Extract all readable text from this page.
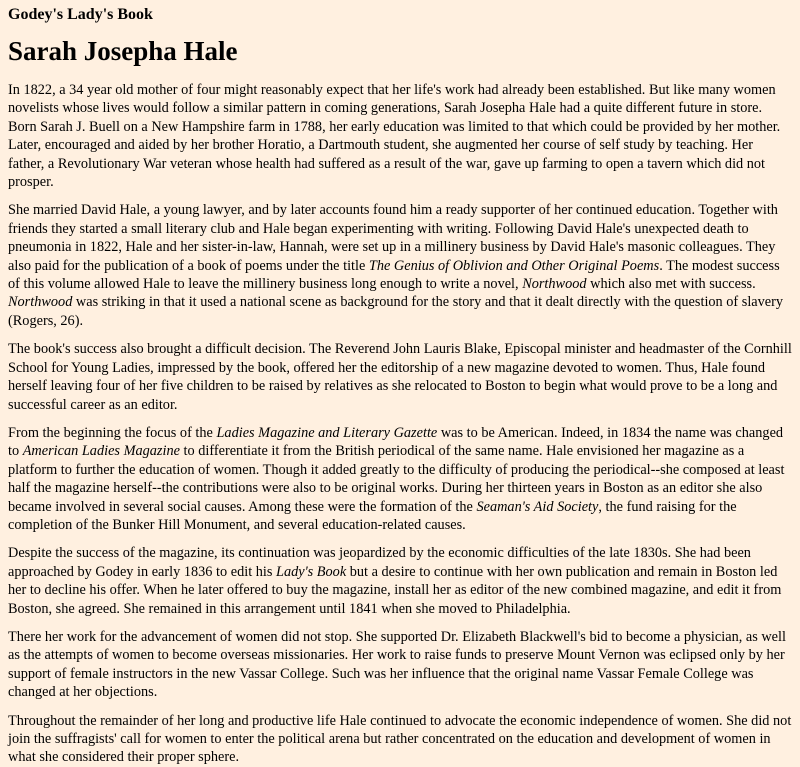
Godey's Lady's Book
Sarah Josepha Hale

In 1822, a 34 year old mother of four might reasonably expect that her life's work had already been established. But like many women novelists whose lives would follow a similar pattern in coming generations, Sarah Josepha Hale had a quite different future in store. Born Sarah J. Buell on a New Hampshire farm in 1788, her early education was limited to that which could be provided by her mother. Later, encouraged and aided by her brother Horatio, a Dartmouth student, she augmented her course of self study by teaching. Her father, a Revolutionary War veteran whose health had suffered as a result of the war, gave up farming to open a tavern which did not prosper.

She married David Hale, a young lawyer, and by later accounts found him a ready supporter of her continued education. Together with friends they started a small literary club and Hale began experimenting with writing. Following David Hale's unexpected death to pneumonia in 1822, Hale and her sister-in-law, Hannah, were set up in a millinery business by David Hale's masonic colleagues. They also paid for the publication of a book of poems under the title The Genius of Oblivion and Other Original Poems. The modest success of this volume allowed Hale to leave the millinery business long enough to write a novel, Northwood which also met with success. Northwood was striking in that it used a national scene as background for the story and that it dealt directly with the question of slavery (Rogers, 26).

The book's success also brought a difficult decision. The Reverend John Lauris Blake, Episcopal minister and headmaster of the Cornhill School for Young Ladies, impressed by the book, offered her the editorship of a new magazine devoted to women. Thus, Hale found herself leaving four of her five children to be raised by relatives as she relocated to Boston to begin what would prove to be a long and successful career as an editor.

From the beginning the focus of the Ladies Magazine and Literary Gazette was to be American. Indeed, in 1834 the name was changed to American Ladies Magazine to differentiate it from the British periodical of the same name. Hale envisioned her magazine as a platform to further the education of women. Though it added greatly to the difficulty of producing the periodical--she composed at least half the magazine herself--the contributions were also to be original works. During her thirteen years in Boston as an editor she also became involved in several social causes. Among these were the formation of the Seaman's Aid Society, the fund raising for the completion of the Bunker Hill Monument, and several education-related causes.

Despite the success of the magazine, its continuation was jeopardized by the economic difficulties of the late 1830s. She had been approached by Godey in early 1836 to edit his Lady's Book but a desire to continue with her own publication and remain in Boston led her to decline his offer. When he later offered to buy the magazine, install her as editor of the new combined magazine, and edit it from Boston, she agreed. She remained in this arrangement until 1841 when she moved to Philadelphia.

There her work for the advancement of women did not stop. She supported Dr. Elizabeth Blackwell's bid to become a physician, as well as the attempts of women to become overseas missionaries. Her work to raise funds to preserve Mount Vernon was eclipsed only by her support of female instructors in the new Vassar College. Such was her influence that the original name Vassar Female College was changed at her objections.

Throughout the remainder of her long and productive life Hale continued to advocate the economic independence of women. She did not join the suffragists' call for women to enter the political arena but rather concentrated on the education and development of women in what she considered their proper sphere.
